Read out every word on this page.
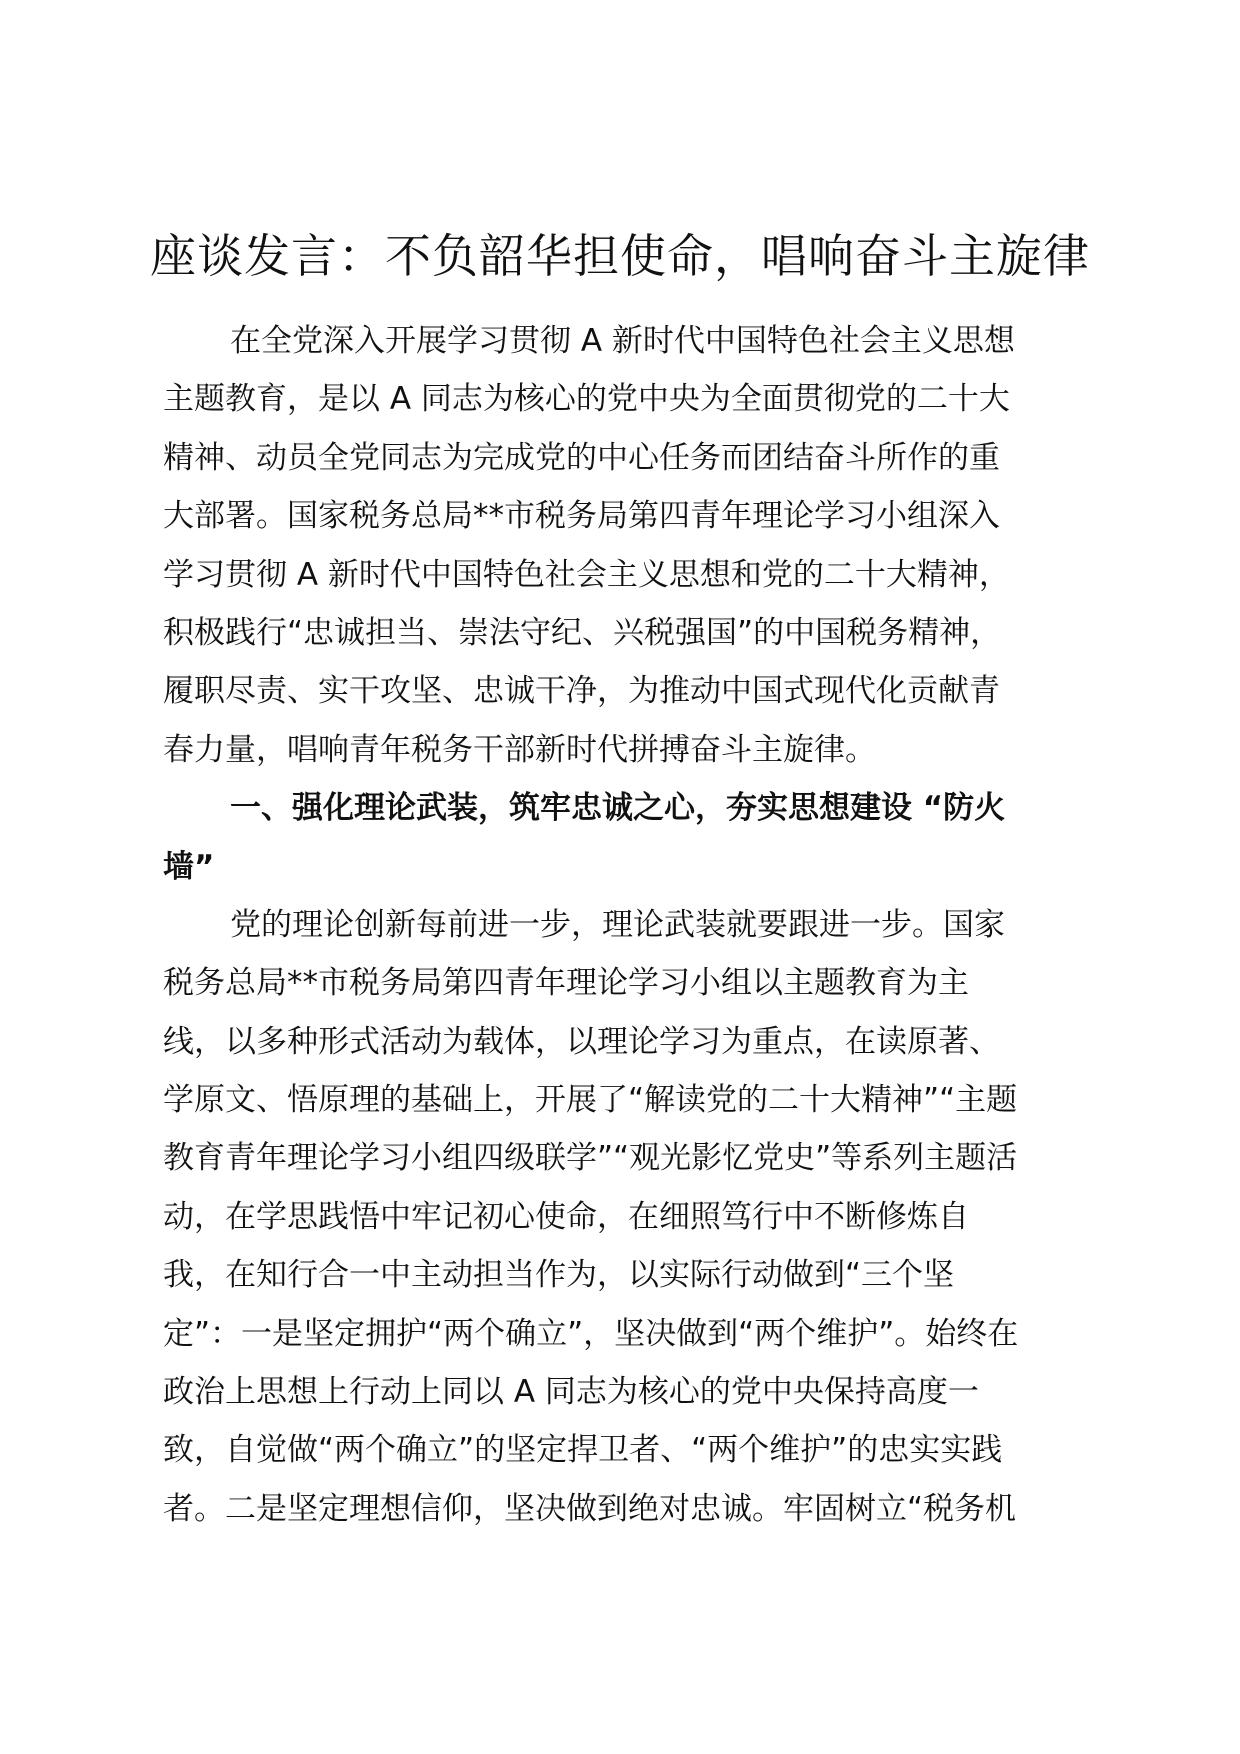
座谈发言：不负韶华担使命，唱响奋斗主旋律
在全党深入开展学习贯彻 A 新时代中国特色社会主义思想
主题教育，是以 A 同志为核心的党中央为全面贯彻党的二十大
精神、动员全党同志为完成党的中心任务而团结奋斗所作的重
大部署。国家税务总局**市税务局第四青年理论学习小组深入
学习贯彻 A 新时代中国特色社会主义思想和党的二十大精神，
积极践行“忠诚担当、崇法守纪、兴税强国”的中国税务精神，
履职尽责、实干攻坚、忠诚干净，为推动中国式现代化贡献青
春力量，唱响青年税务干部新时代拼搏奋斗主旋律。
一、强化理论武装，筑牢忠诚之心，夯实思想建设 “防火
墙”
党的理论创新每前进一步，理论武装就要跟进一步。国家
税务总局**市税务局第四青年理论学习小组以主题教育为主
线，以多种形式活动为载体，以理论学习为重点，在读原著、
学原文、悟原理的基础上，开展了“解读党的二十大精神”“主题
教育青年理论学习小组四级联学”“观光影忆党史”等系列主题活
动，在学思践悟中牢记初心使命，在细照笃行中不断修炼自
我，在知行合一中主动担当作为，以实际行动做到“三个坚
定”：一是坚定拥护“两个确立”，坚决做到“两个维护”。始终在
政治上思想上行动上同以 A 同志为核心的党中央保持高度一
致，自觉做“两个确立”的坚定捍卫者、“两个维护”的忠实实践
者。二是坚定理想信仰，坚决做到绝对忠诚。牢固树立“税务机
